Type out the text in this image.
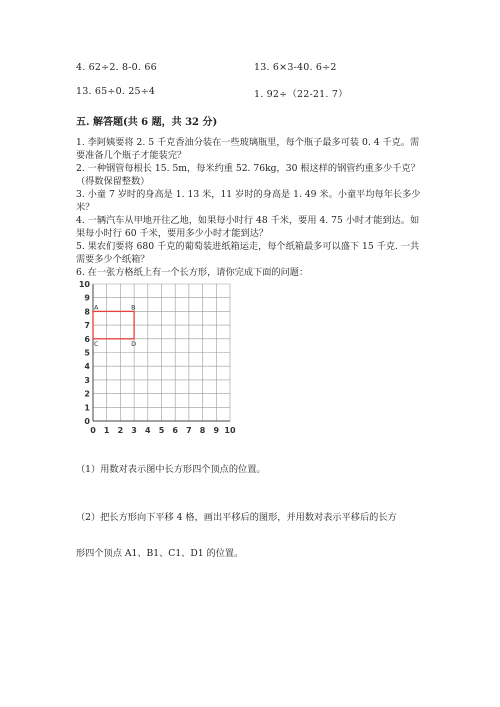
4. 62÷2. 8-0. 66	13. 6×3-40. 6÷2
13. 65÷0. 25÷4	1. 92÷（22-21. 7）
五. 解答题(共 6 题，共 32 分)

1. 李阿姨要将 2. 5 千克香油分装在一些玻璃瓶里，每个瓶子最多可装 0. 4 千克。需要准备几个瓶子才能装完？

2. 一种钢管每根长 15. 5m，每米约重 52. 76kg，30 根这样的钢管约重多少千克？（得数保留整数）

3. 小童 7 岁时的身高是 1. 13 米，11 岁时的身高是 1. 49 米。小童平均每年长多少米？

4. 一辆汽车从甲地开往乙地，如果每小时行 48 千米，要用 4. 75 小时才能到达。如果每小时行 60 千米，要用多少小时才能到达？

5. 果农们要将 680 千克的葡萄装进纸箱运走，每个纸箱最多可以盛下 15 千克. 一共需要多少个纸箱？

6. 在一张方格纸上有一个长方形，请你完成下面的问题：

0 1 2 3 4 5 6 7 8 9 10
0
1
2
3
4
5
6
7
8
9
10
A	B
C	D
（1）用数对表示图中长方形四个顶点的位置。
（2）把长方形向下平移 4 格，画出平移后的图形，并用数对表示平移后的长方
形四个顶点 A1、B1、C1、D1 的位置。
